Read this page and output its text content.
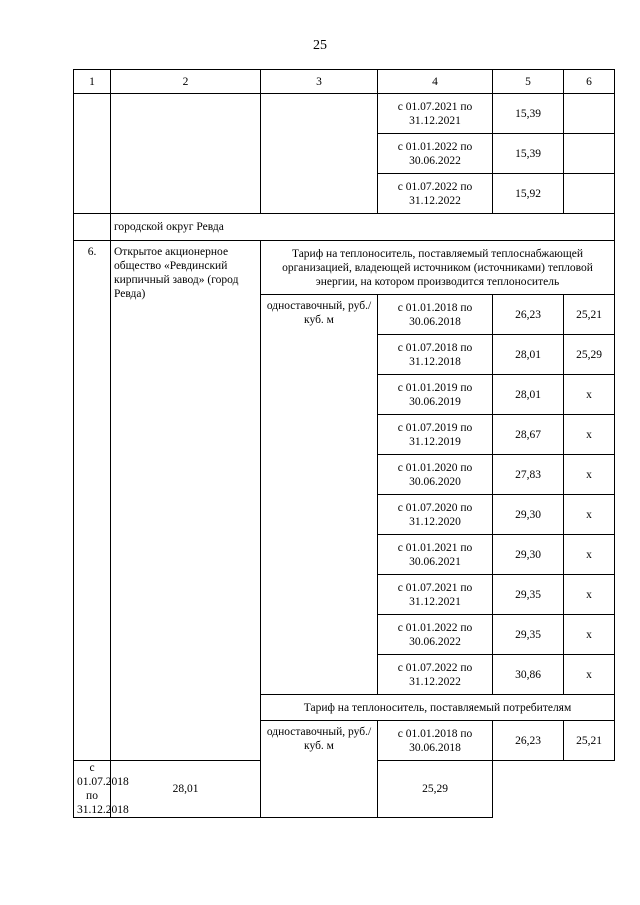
25
1	2	3	4	5	6
			с 01.07.2021 по 31.12.2021	15,39	
			с 01.01.2022 по 30.06.2022	15,39	
			с 01.07.2022 по 31.12.2022	15,92	
	городской округ Ревда				
6.	Открытое акционерное общество «Ревдинский кирпичный завод» (город Ревда)	Тариф на теплоноситель, поставляемый теплоснабжающей организацией, владеющей источником (источниками) тепловой энергии, на котором производится теплоноситель			
		одноставочный, руб./куб. м	с 01.01.2018 по 30.06.2018	26,23	25,21
			с 01.07.2018 по 31.12.2018	28,01	25,29
			с 01.01.2019 по 30.06.2019	28,01	х
			с 01.07.2019 по 31.12.2019	28,67	х
			с 01.01.2020 по 30.06.2020	27,83	х
			с 01.07.2020 по 31.12.2020	29,30	х
			с 01.01.2021 по 30.06.2021	29,30	х
			с 01.07.2021 по 31.12.2021	29,35	х
			с 01.01.2022 по 30.06.2022	29,35	х
			с 01.07.2022 по 31.12.2022	30,86	х
		Тариф на теплоноситель, поставляемый потребителям			
		одноставочный, руб./куб. м	с 01.01.2018 по 30.06.2018	26,23	25,21
с 01.07.2018 по 31.12.2018	28,01		25,29		
